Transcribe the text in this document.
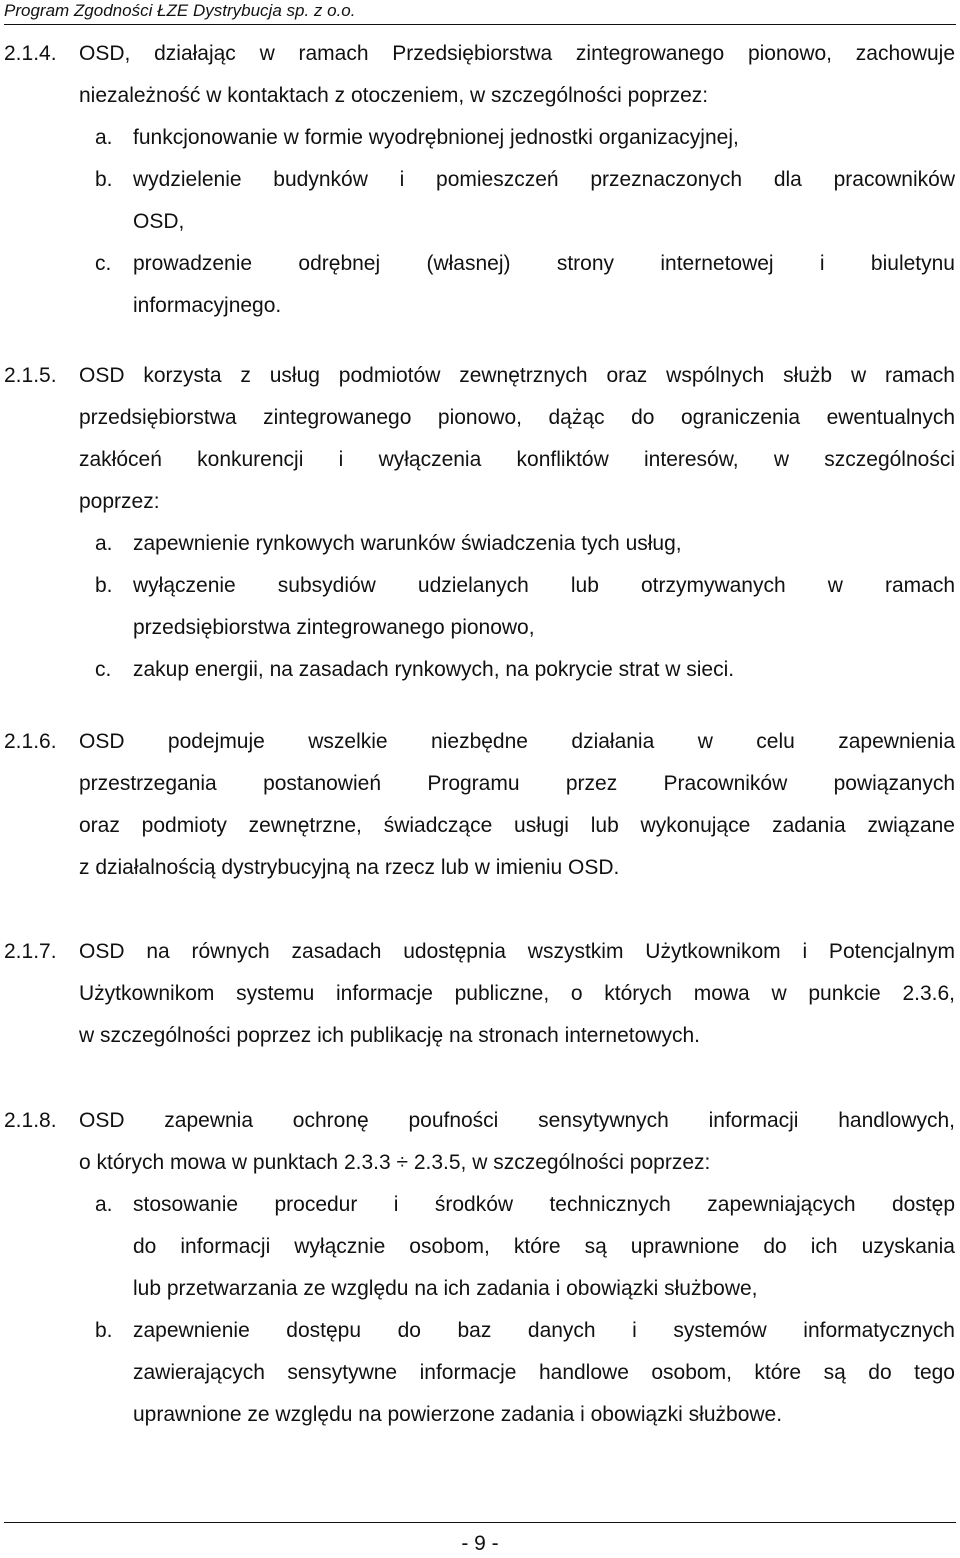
Program Zgodności ŁZE Dystrybucja sp. z o.o.
2.1.4. OSD, działając w ramach Przedsiębiorstwa zintegrowanego pionowo, zachowuje
niezależność w kontaktach z otoczeniem, w szczególności poprzez:
a. funkcjonowanie w formie wyodrębnionej jednostki organizacyjnej,
b. wydzielenie budynków i pomieszczeń przeznaczonych dla pracowników
OSD,
c. prowadzenie odrębnej (własnej) strony internetowej i biuletynu
informacyjnego.
2.1.5. OSD korzysta z usług podmiotów zewnętrznych oraz wspólnych służb w ramach
przedsiębiorstwa zintegrowanego pionowo, dążąc do ograniczenia ewentualnych
zakłóceń konkurencji i wyłączenia konfliktów interesów, w szczególności
poprzez:
a. zapewnienie rynkowych warunków świadczenia tych usług,
b. wyłączenie subsydiów udzielanych lub otrzymywanych w ramach
przedsiębiorstwa zintegrowanego pionowo,
c. zakup energii, na zasadach rynkowych, na pokrycie strat w sieci.
2.1.6. OSD podejmuje wszelkie niezbędne działania w celu zapewnienia
przestrzegania postanowień Programu przez Pracowników powiązanych
oraz podmioty zewnętrzne, świadczące usługi lub wykonujące zadania związane
z działalnością dystrybucyjną na rzecz lub w imieniu OSD.
2.1.7. OSD na równych zasadach udostępnia wszystkim Użytkownikom i Potencjalnym
Użytkownikom systemu informacje publiczne, o których mowa w punkcie 2.3.6,
w szczególności poprzez ich publikację na stronach internetowych.
2.1.8. OSD zapewnia ochronę poufności sensytywnych informacji handlowych,
o których mowa w punktach 2.3.3 ÷ 2.3.5, w szczególności poprzez:
a. stosowanie procedur i środków technicznych zapewniających dostęp
do informacji wyłącznie osobom, które są uprawnione do ich uzyskania
lub przetwarzania ze względu na ich zadania i obowiązki służbowe,
b. zapewnienie dostępu do baz danych i systemów informatycznych
zawierających sensytywne informacje handlowe osobom, które są do tego
uprawnione ze względu na powierzone zadania i obowiązki służbowe.
- 9 -
